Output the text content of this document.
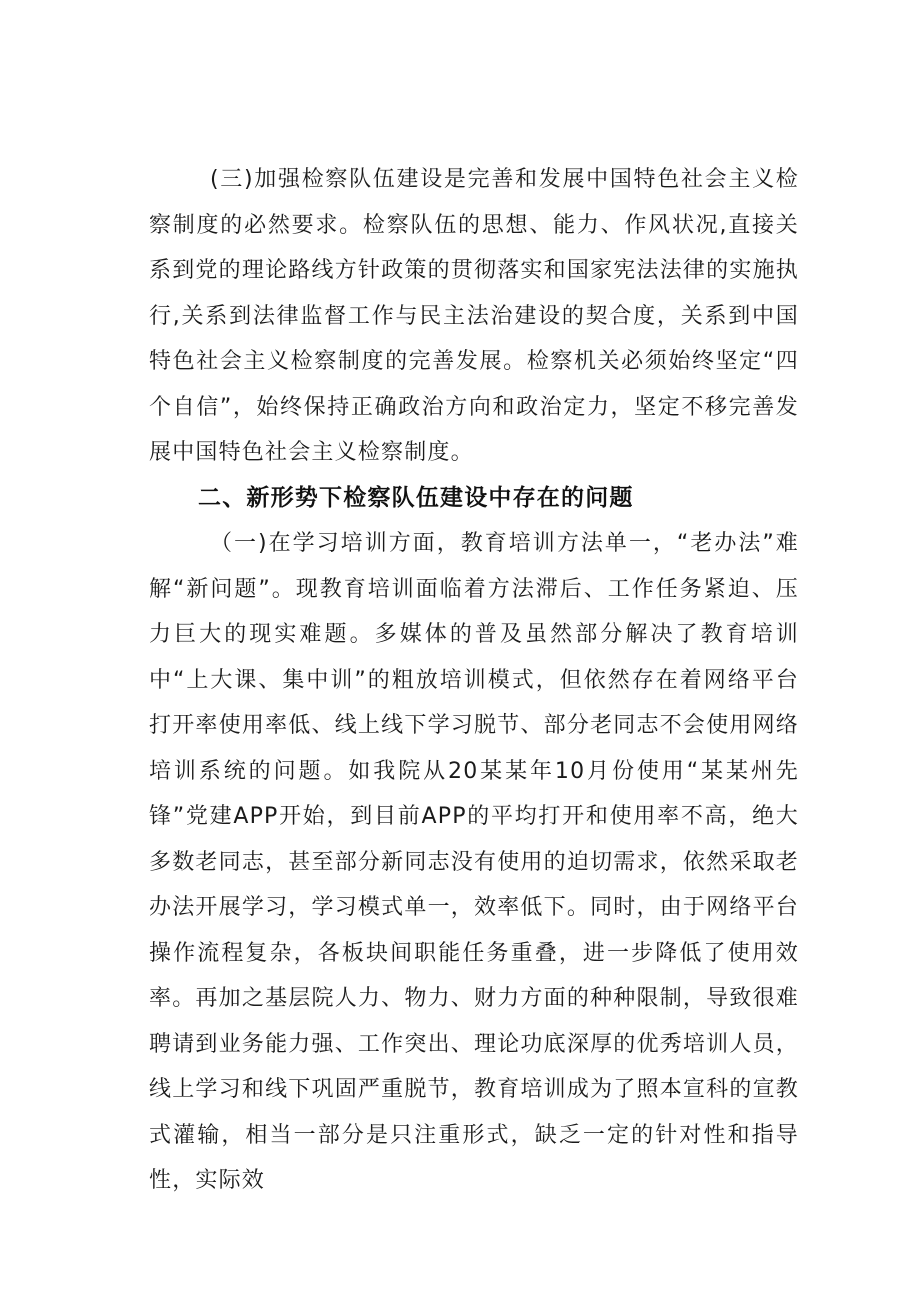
(三)加强检察队伍建设是完善和发展中国特色社会主义检察制度的必然要求。检察队伍的思想、能力、作风状况,直接关系到党的理论路线方针政策的贯彻落实和国家宪法法律的实施执行,关系到法律监督工作与民主法治建设的契合度，关系到中国特色社会主义检察制度的完善发展。检察机关必须始终坚定“四个自信”，始终保持正确政治方向和政治定力，坚定不移完善发展中国特色社会主义检察制度。

二、新形势下检察队伍建设中存在的问题

（一)在学习培训方面，教育培训方法单一，“老办法”难解“新问题”。现教育培训面临着方法滞后、工作任务紧迫、压力巨大的现实难题。多媒体的普及虽然部分解决了教育培训中“上大课、集中训”的粗放培训模式，但依然存在着网络平台打开率使用率低、线上线下学习脱节、部分老同志不会使用网络培训系统的问题。如我院从20某某年10月份使用“某某州先锋”党建APP开始，到目前APP的平均打开和使用率不高，绝大多数老同志，甚至部分新同志没有使用的迫切需求，依然采取老办法开展学习，学习模式单一，效率低下。同时，由于网络平台操作流程复杂，各板块间职能任务重叠，进一步降低了使用效率。再加之基层院人力、物力、财力方面的种种限制，导致很难聘请到业务能力强、工作突出、理论功底深厚的优秀培训人员，线上学习和线下巩固严重脱节，教育培训成为了照本宣科的宣教式灌输，相当一部分是只注重形式，缺乏一定的针对性和指导性，实际效
